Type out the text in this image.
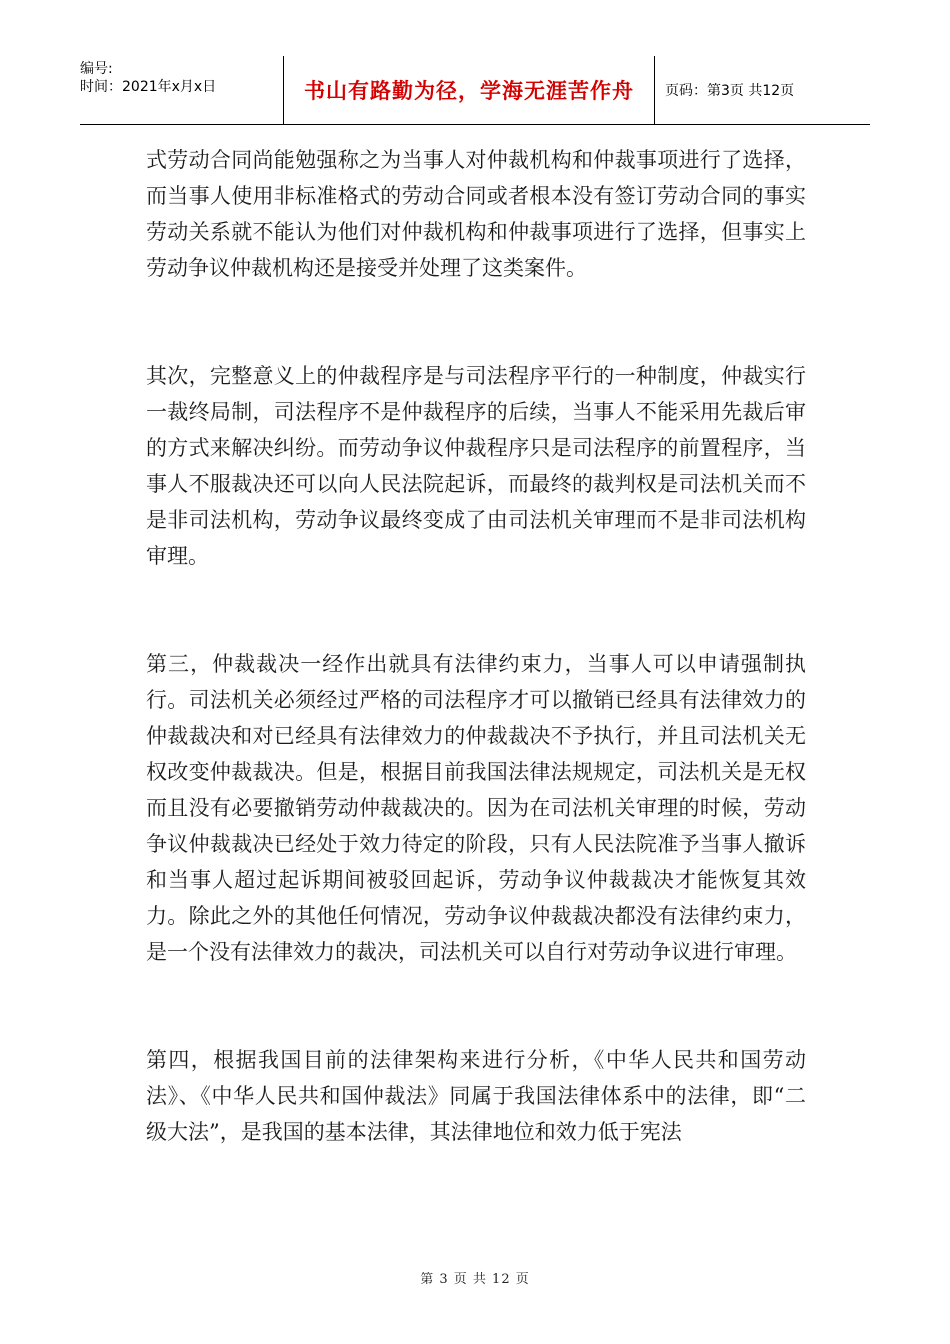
编号:
时间：2021年x月x日	书山有路勤为径，学海无涯苦作舟	页码：第3页 共12页

式劳动合同尚能勉强称之为当事人对仲裁机构和仲裁事项进行了选择，而当事人使用非标准格式的劳动合同或者根本没有签订劳动合同的事实劳动关系就不能认为他们对仲裁机构和仲裁事项进行了选择，但事实上劳动争议仲裁机构还是接受并处理了这类案件。

其次，完整意义上的仲裁程序是与司法程序平行的一种制度，仲裁实行一裁终局制，司法程序不是仲裁程序的后续，当事人不能采用先裁后审的方式来解决纠纷。而劳动争议仲裁程序只是司法程序的前置程序，当事人不服裁决还可以向人民法院起诉，而最终的裁判权是司法机关而不是非司法机构，劳动争议最终变成了由司法机关审理而不是非司法机构审理。

第三，仲裁裁决一经作出就具有法律约束力，当事人可以申请强制执行。司法机关必须经过严格的司法程序才可以撤销已经具有法律效力的仲裁裁决和对已经具有法律效力的仲裁裁决不予执行，并且司法机关无权改变仲裁裁决。但是，根据目前我国法律法规规定，司法机关是无权而且没有必要撤销劳动仲裁裁决的。因为在司法机关审理的时候，劳动争议仲裁裁决已经处于效力待定的阶段，只有人民法院准予当事人撤诉和当事人超过起诉期间被驳回起诉，劳动争议仲裁裁决才能恢复其效力。除此之外的其他任何情况，劳动争议仲裁裁决都没有法律约束力，是一个没有法律效力的裁决，司法机关可以自行对劳动争议进行审理。

第四，根据我国目前的法律架构来进行分析，《中华人民共和国劳动法》、《中华人民共和国仲裁法》同属于我国法律体系中的法律，即“二级大法”，是我国的基本法律，其法律地位和效力低于宪法

第 3 页 共 12 页
